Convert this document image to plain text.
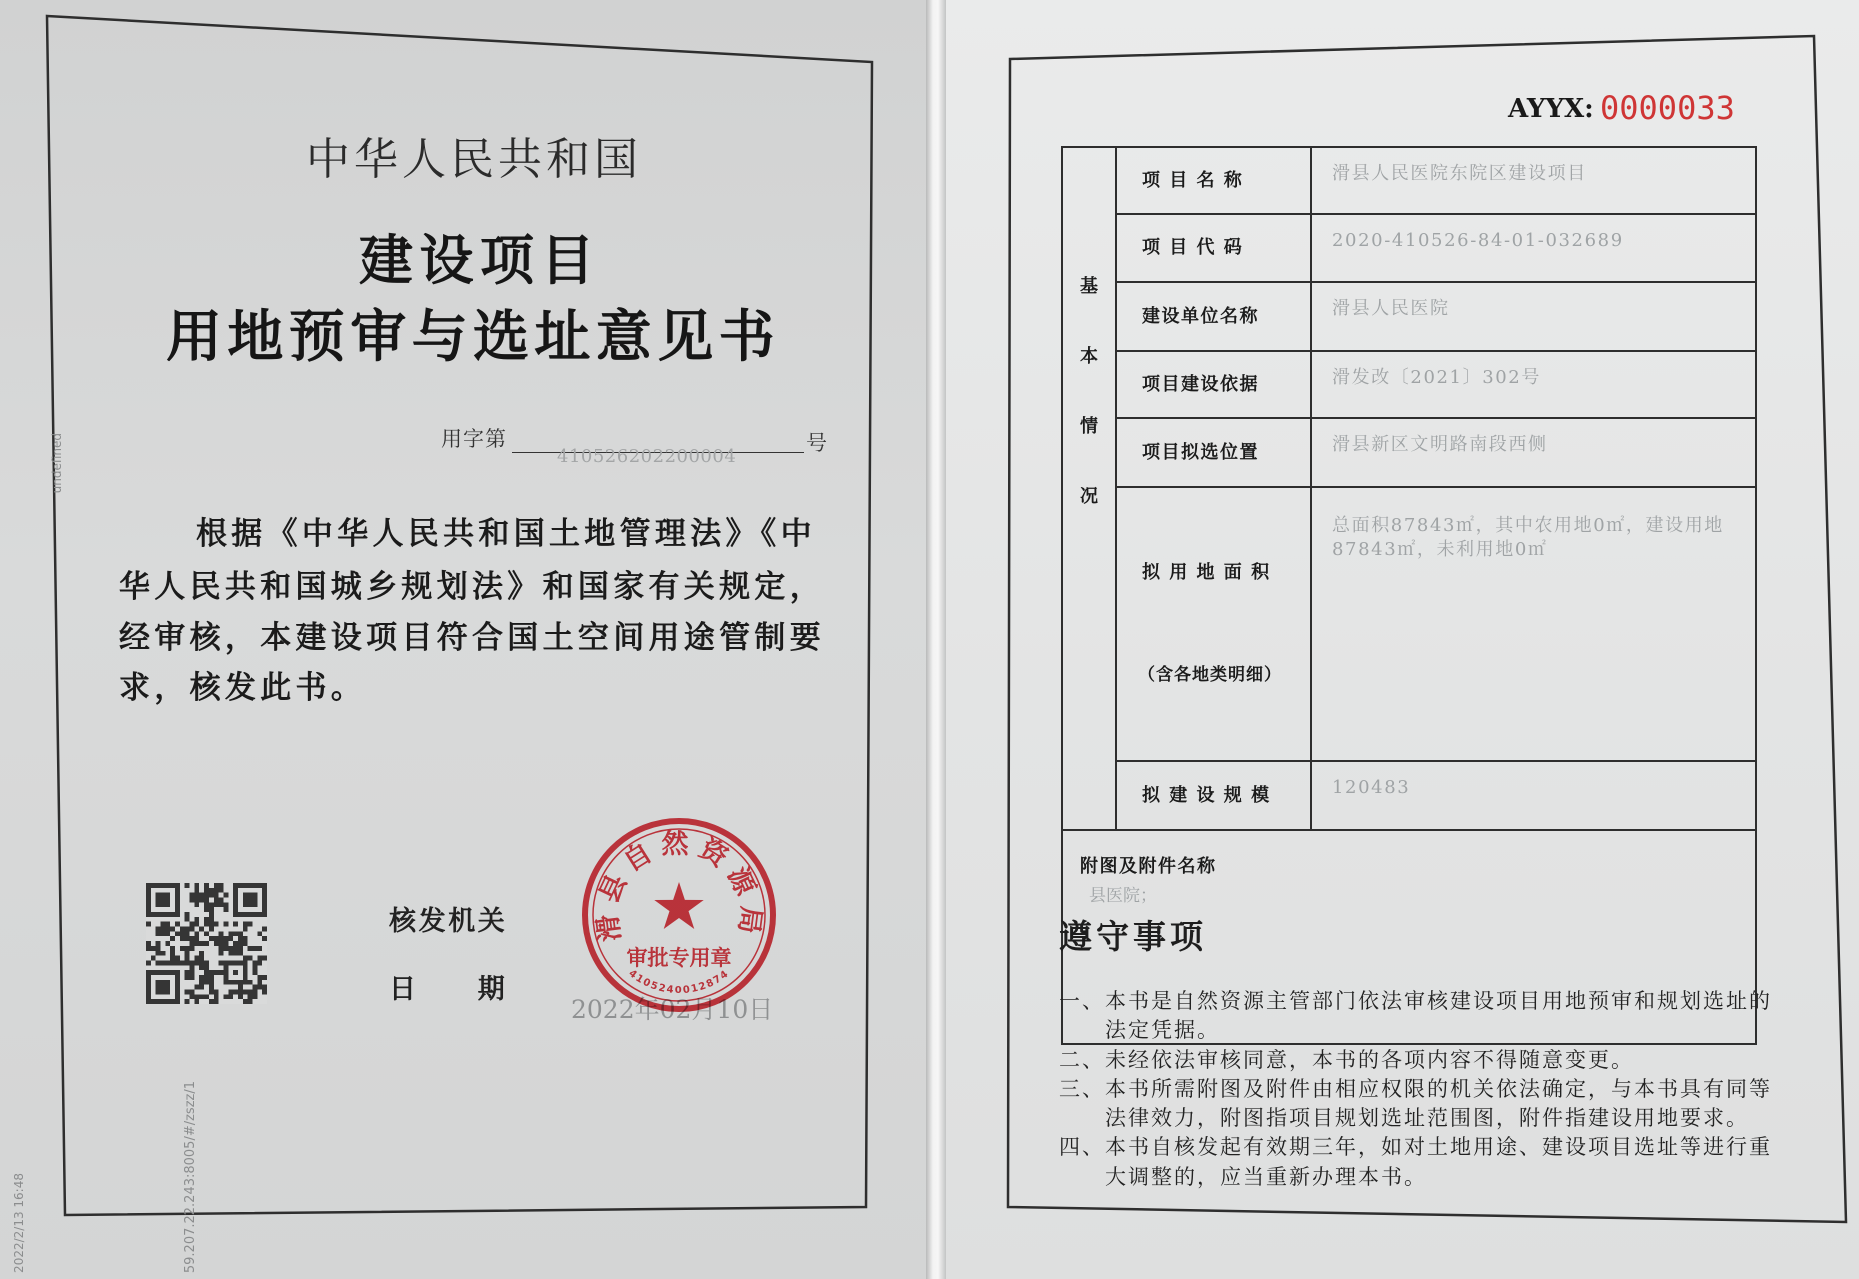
中华人民共和国
建设项目
用地预审与选址意见书
用字第
410526202200004
号
根据《中华人民共和国土地管理法》《中
华人民共和国城乡规划法》和国家有关规定，
经审核，本建设项目符合国土空间用途管制要
求，核发此书。
核发机关
日　　期
2022年02月10日
滑县自然资源局
审批专用章
4105240012874
undefined
59.207.22.243:8005/#/zszz/1
2022/2/13 16:48
AYYX: 0000033
基
本
情
况	项 目 名 称	滑县人民医院东院区建设项目
	项 目 代 码	2020-410526-84-01-032689
	建设单位名称	滑县人民医院
	项目建设依据	滑发改〔2021〕302号
	项目拟选位置	滑县新区文明路南段西侧

	拟 用 地 面 积

（含各地类明细）	总面积87843㎡，其中农用地0㎡，建设用地
87843㎡，未利用地0㎡

	拟 建 设 规 模	120483

附图及附件名称
县医院；		
遵守事项
一、本书是自然资源主管部门依法审核建设项目用地预审和规划选址的
法定凭据。
二、未经依法审核同意，本书的各项内容不得随意变更。
三、本书所需附图及附件由相应权限的机关依法确定，与本书具有同等
法律效力，附图指项目规划选址范围图，附件指建设用地要求。
四、本书自核发起有效期三年，如对土地用途、建设项目选址等进行重
大调整的，应当重新办理本书。
